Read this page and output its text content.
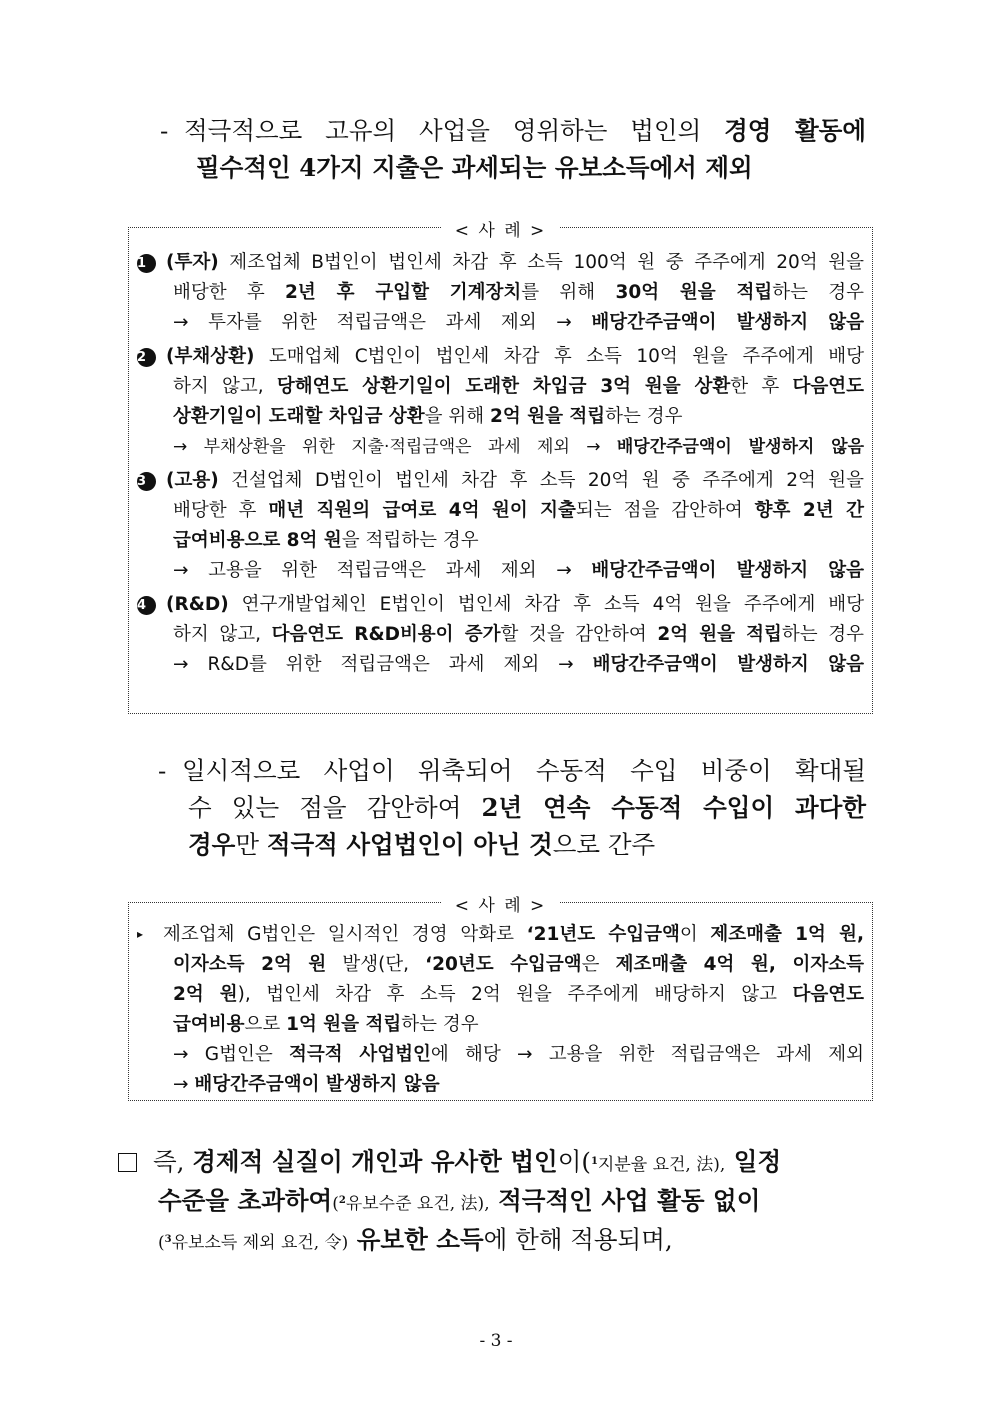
- 적극적으로 고유의 사업을 영위하는 법인의 경영 활동에
필수적인 4가지 지출은 과세되는 유보소득에서 제외
< 사 례 >
1 (투자) 제조업체 B법인이 법인세 차감 후 소득 100억 원 중 주주에게 20억 원을
배당한 후 2년 후 구입할 기계장치를 위해 30억 원을 적립하는 경우
→ 투자를 위한 적립금액은 과세 제외 → 배당간주금액이 발생하지 않음
2 (부채상환) 도매업체 C법인이 법인세 차감 후 소득 10억 원을 주주에게 배당
하지 않고, 당해연도 상환기일이 도래한 차입금 3억 원을 상환한 후 다음연도
상환기일이 도래할 차입금 상환을 위해 2억 원을 적립하는 경우
→ 부채상환을 위한 지출·적립금액은 과세 제외 → 배당간주금액이 발생하지 않음
3 (고용) 건설업체 D법인이 법인세 차감 후 소득 20억 원 중 주주에게 2억 원을
배당한 후 매년 직원의 급여로 4억 원이 지출되는 점을 감안하여 향후 2년 간
급여비용으로 8억 원을 적립하는 경우
→ 고용을 위한 적립금액은 과세 제외 → 배당간주금액이 발생하지 않음
4 (R&D) 연구개발업체인 E법인이 법인세 차감 후 소득 4억 원을 주주에게 배당
하지 않고, 다음연도 R&D비용이 증가할 것을 감안하여 2억 원을 적립하는 경우
→ R&D를 위한 적립금액은 과세 제외 → 배당간주금액이 발생하지 않음
- 일시적으로 사업이 위축되어 수동적 수입 비중이 확대될
수 있는 점을 감안하여 2년 연속 수동적 수입이 과다한
경우만 적극적 사업법인이 아닌 것으로 간주
< 사 례 >
▸ 제조업체 G법인은 일시적인 경영 악화로 ‘21년도 수입금액이 제조매출 1억 원,
이자소득 2억 원 발생(단, ‘20년도 수입금액은 제조매출 4억 원, 이자소득
2억 원), 법인세 차감 후 소득 2억 원을 주주에게 배당하지 않고 다음연도
급여비용으로 1억 원을 적립하는 경우
→ G법인은 적극적 사업법인에 해당 → 고용을 위한 적립금액은 과세 제외
→ 배당간주금액이 발생하지 않음
즉, 경제적 실질이 개인과 유사한 법인이($^1$지분율 요건, 法), 일정
수준을 초과하여($^2$유보수준 요건, 法), 적극적인 사업 활동 없이
($^3$유보소득 제외 요건, 令) 유보한 소득에 한해 적용되며,
- 3 -
